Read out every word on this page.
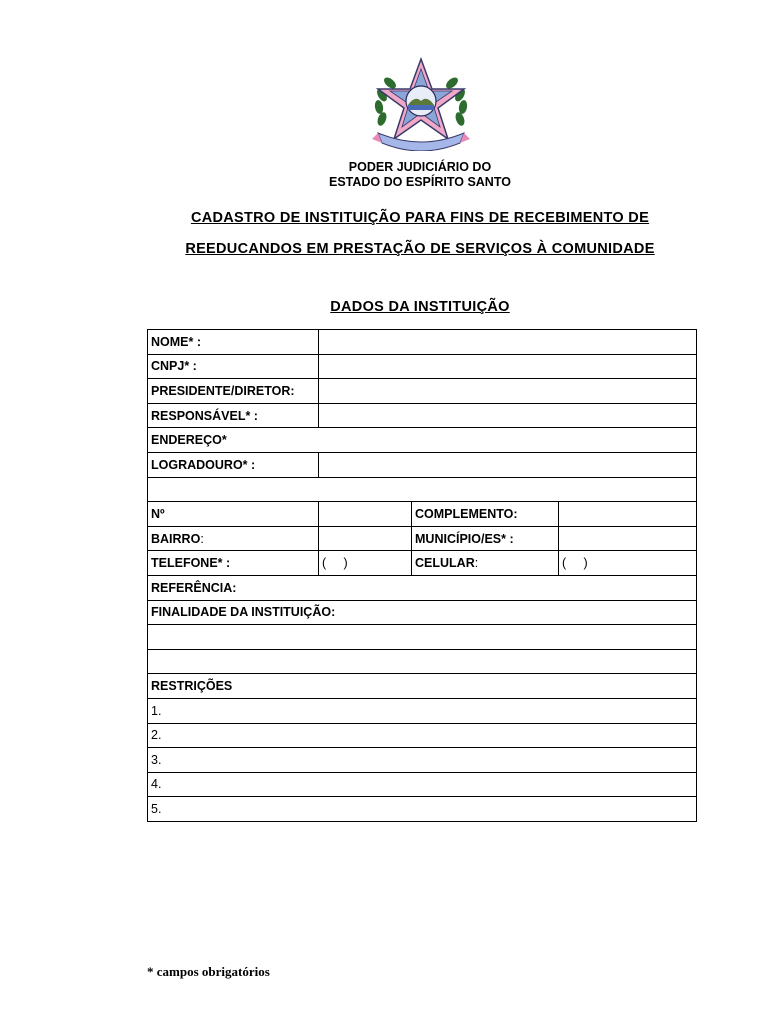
PODER JUDICIÁRIO DO
ESTADO DO ESPÍRITO SANTO
CADASTRO DE INSTITUIÇÃO PARA FINS DE RECEBIMENTO DE
REEDUCANDOS EM PRESTAÇÃO DE SERVIÇOS À COMUNIDADE
DADOS DA INSTITUIÇÃO
NOME* :			
CNPJ* :			
PRESIDENTE/DIRETOR:			
RESPONSÁVEL* :			
ENDEREÇO*			
LOGRADOURO* :			

Nº		COMPLEMENTO:	
BAIRRO:		MUNICÍPIO/ES* :	
TELEFONE* :	(     )	CELULAR:	(     )
REFERÊNCIA:			
FINALIDADE DA INSTITUIÇÃO:			

RESTRIÇÕES			
1.			
2.			
3.			
4.			
5.			
* campos obrigatórios
